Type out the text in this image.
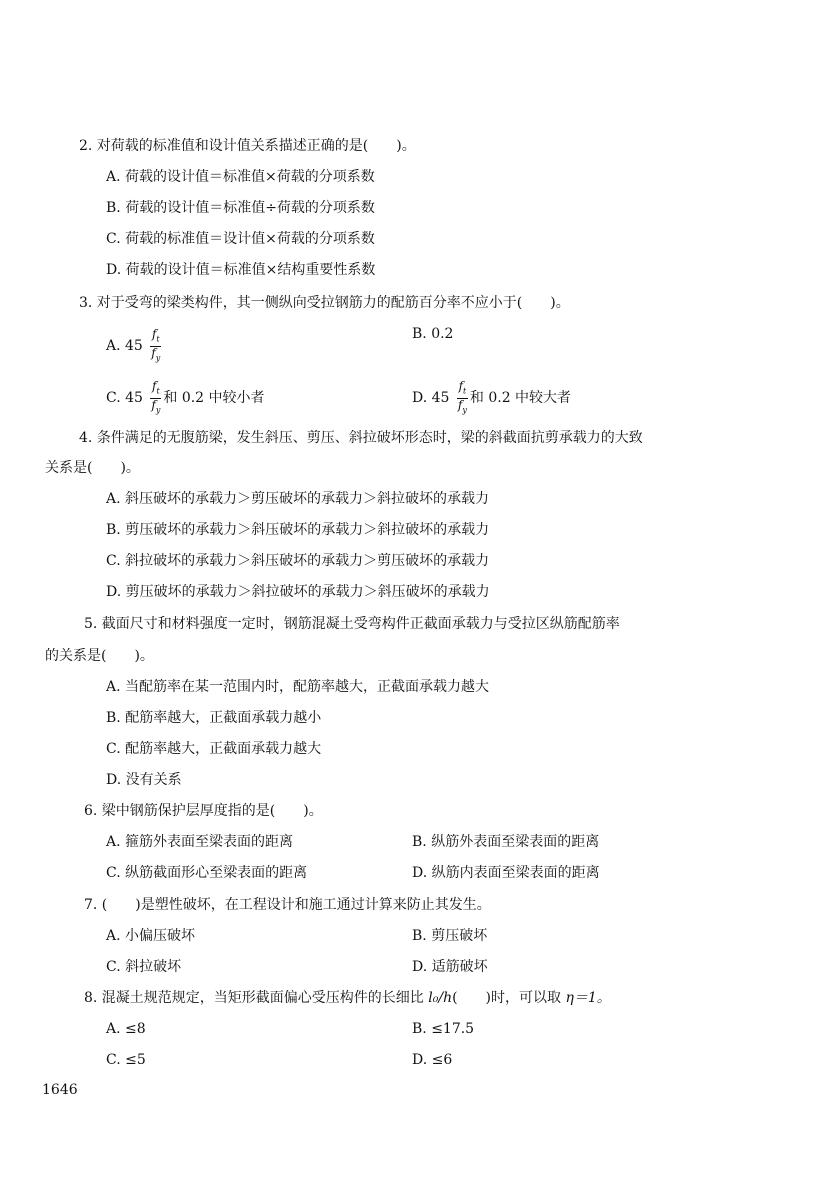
2. 对荷载的标准值和设计值关系描述正确的是(　　)。
A. 荷载的设计值＝标准值×荷载的分项系数
B. 荷载的设计值＝标准值÷荷载的分项系数
C. 荷载的标准值＝设计值×荷载的分项系数
D. 荷载的设计值＝标准值×结构重要性系数
3. 对于受弯的梁类构件，其一侧纵向受拉钢筋力的配筋百分率不应小于(　　)。
A. $45 \frac{f_t}{f_y}$	B. 0.2
C. $45 \frac{f_t}{f_y}$ 和 0.2 中较小者	D. $45 \frac{f_t}{f_y}$ 和 0.2 中较大者
4. 条件满足的无腹筋梁，发生斜压、剪压、斜拉破坏形态时，梁的斜截面抗剪承载力的大致
关系是(　　)。
A. 斜压破坏的承载力＞剪压破坏的承载力＞斜拉破坏的承载力
B. 剪压破坏的承载力＞斜压破坏的承载力＞斜拉破坏的承载力
C. 斜拉破坏的承载力＞斜压破坏的承载力＞剪压破坏的承载力
D. 剪压破坏的承载力＞斜拉破坏的承载力＞斜压破坏的承载力
5. 截面尺寸和材料强度一定时，钢筋混凝土受弯构件正截面承载力与受拉区纵筋配筋率
的关系是(　　)。
A. 当配筋率在某一范围内时，配筋率越大，正截面承载力越大
B. 配筋率越大，正截面承载力越小
C. 配筋率越大，正截面承载力越大
D. 没有关系
6. 梁中钢筋保护层厚度指的是(　　)。
A. 箍筋外表面至梁表面的距离	B. 纵筋外表面至梁表面的距离
C. 纵筋截面形心至梁表面的距离	D. 纵筋内表面至梁表面的距离
7. (　　)是塑性破坏，在工程设计和施工通过计算来防止其发生。
A. 小偏压破坏	B. 剪压破坏
C. 斜拉破坏	D. 适筋破坏
8. 混凝土规范规定，当矩形截面偏心受压构件的长细比 l₀/h(　　)时，可以取 η＝1。
A. ≤8	B. ≤17.5
C. ≤5	D. ≤6
1646
